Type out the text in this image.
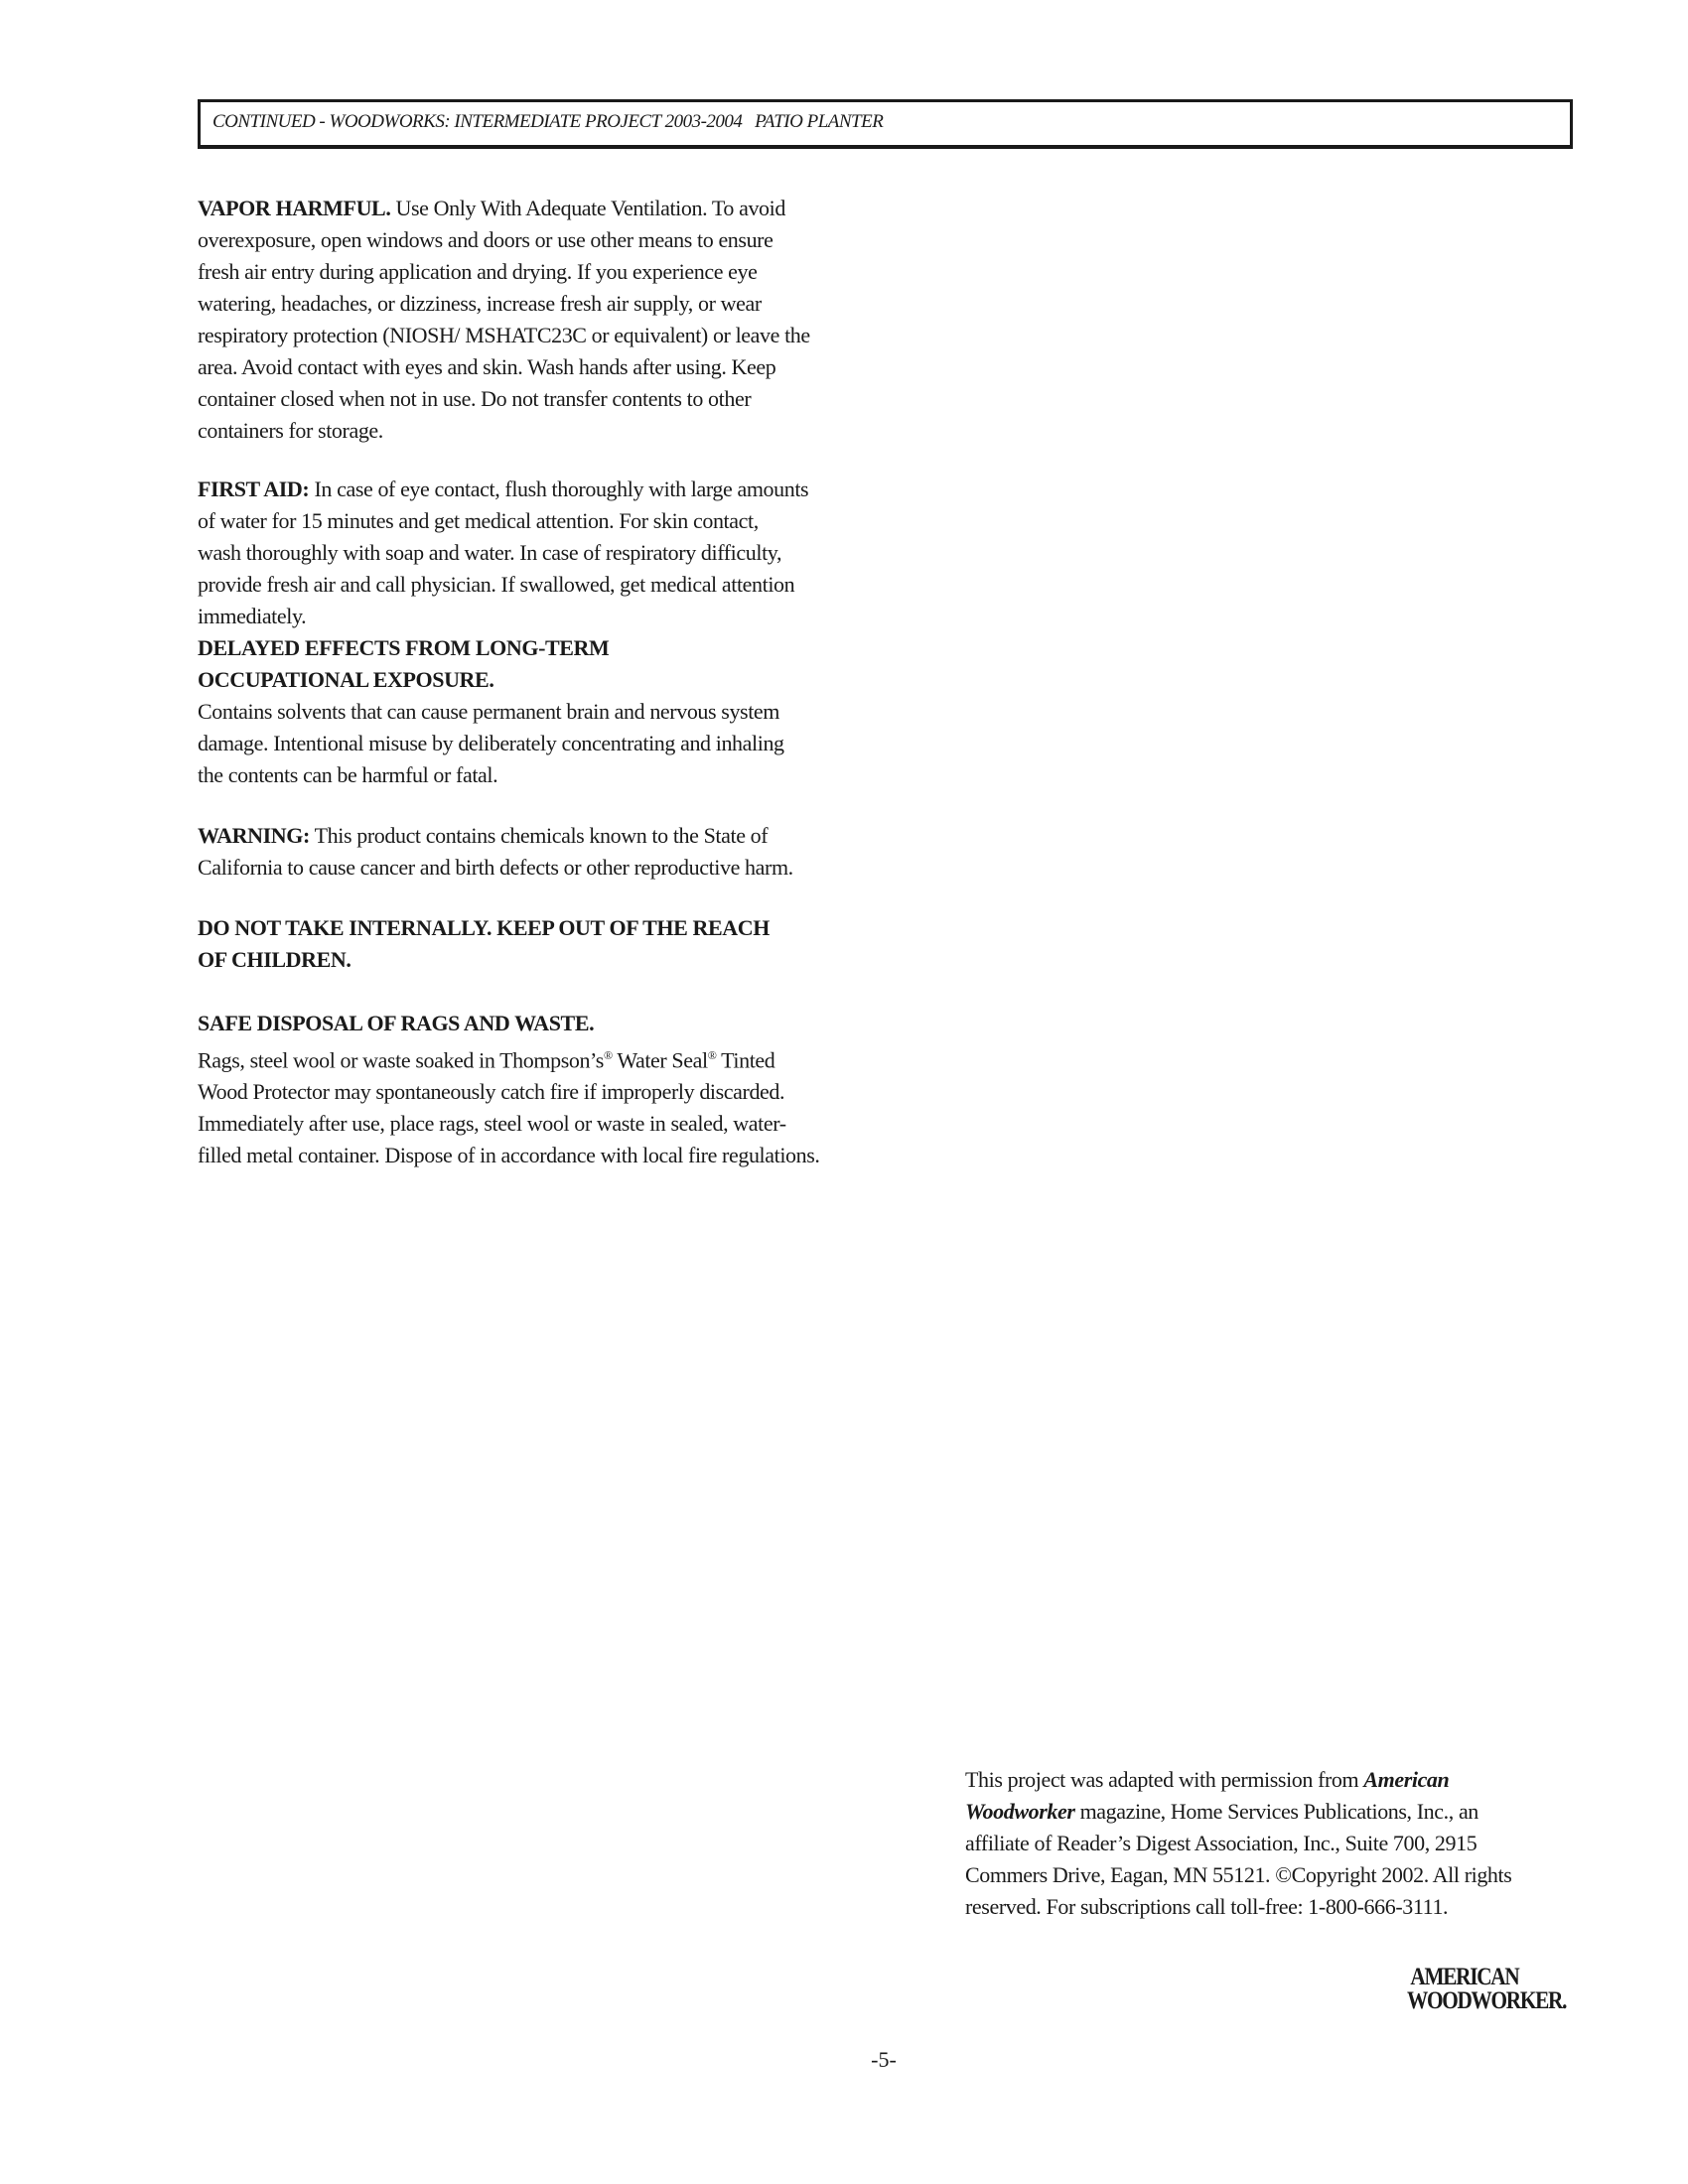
CONTINUED - WOODWORKS: INTERMEDIATE PROJECT 2003-2004   PATIO PLANTER
VAPOR HARMFUL. Use Only With Adequate Ventilation. To avoid
overexposure, open windows and doors or use other means to ensure
fresh air entry during application and drying. If you experience eye
watering, headaches, or dizziness, increase fresh air supply, or wear
respiratory protection (NIOSH/ MSHATC23C or equivalent) or leave the
area. Avoid contact with eyes and skin. Wash hands after using. Keep
container closed when not in use. Do not transfer contents to other
containers for storage.
FIRST AID: In case of eye contact, flush thoroughly with large amounts
of water for 15 minutes and get medical attention. For skin contact,
wash thoroughly with soap and water. In case of respiratory difficulty,
provide fresh air and call physician. If swallowed, get medical attention
immediately.
DELAYED EFFECTS FROM LONG-TERM
OCCUPATIONAL EXPOSURE.
Contains solvents that can cause permanent brain and nervous system
damage. Intentional misuse by deliberately concentrating and inhaling
the contents can be harmful or fatal.
WARNING: This product contains chemicals known to the State of
California to cause cancer and birth defects or other reproductive harm.
DO NOT TAKE INTERNALLY. KEEP OUT OF THE REACH
OF CHILDREN.
SAFE DISPOSAL OF RAGS AND WASTE.
Rags, steel wool or waste soaked in Thompson’s® Water Seal® Tinted
Wood Protector may spontaneously catch fire if improperly discarded.
Immediately after use, place rags, steel wool or waste in sealed, water-
filled metal container. Dispose of in accordance with local fire regulations.
This project was adapted with permission from American
Woodworker magazine, Home Services Publications, Inc., an
affiliate of Reader’s Digest Association, Inc., Suite 700, 2915
Commers Drive, Eagan, MN 55121. ©Copyright 2002. All rights
reserved. For subscriptions call toll-free: 1-800-666-3111.
AMERICAN
WOODWORKER.
-5-
